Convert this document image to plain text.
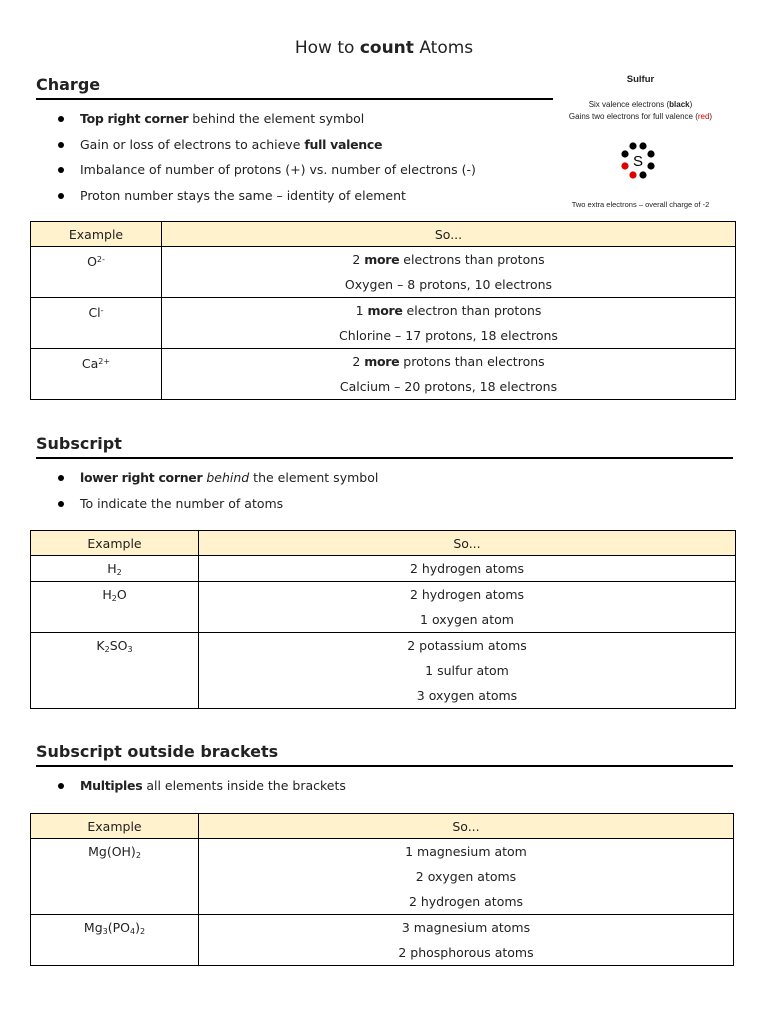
How to count Atoms
Sulfur
Six valence electrons (black)
Gains two electrons for full valence (red)
S
Two extra electrons – overall charge of -2
Charge
Top right corner behind the element symbol
Gain or loss of electrons to achieve full valence
Imbalance of number of protons (+) vs. number of electrons (-)
Proton number stays the same – identity of element
Example	So...
$O^{2-}$	2 more electrons than protons
Oxygen – 8 protons, 10 electrons

Cl-	1 more electron than protons
Chlorine – 17 protons, 18 electrons

$Ca^{2+}$	2 more protons than electrons
Calcium – 20 protons, 18 electrons
Subscript
lower right corner behind the element symbol
To indicate the number of atoms
Example	So...
$H_2$	2 hydrogen atoms

$H_2O$	2 hydrogen atoms
1 oxygen atom

$K_2SO_3$	2 potassium atoms
1 sulfur atom
3 oxygen atoms
Subscript outside brackets
Multiples all elements inside the brackets
Example	So...
$Mg(OH)_2$	1 magnesium atom
2 oxygen atoms
2 hydrogen atoms

$Mg_3(PO_4)_2$	3 magnesium atoms
2 phosphorous atoms
